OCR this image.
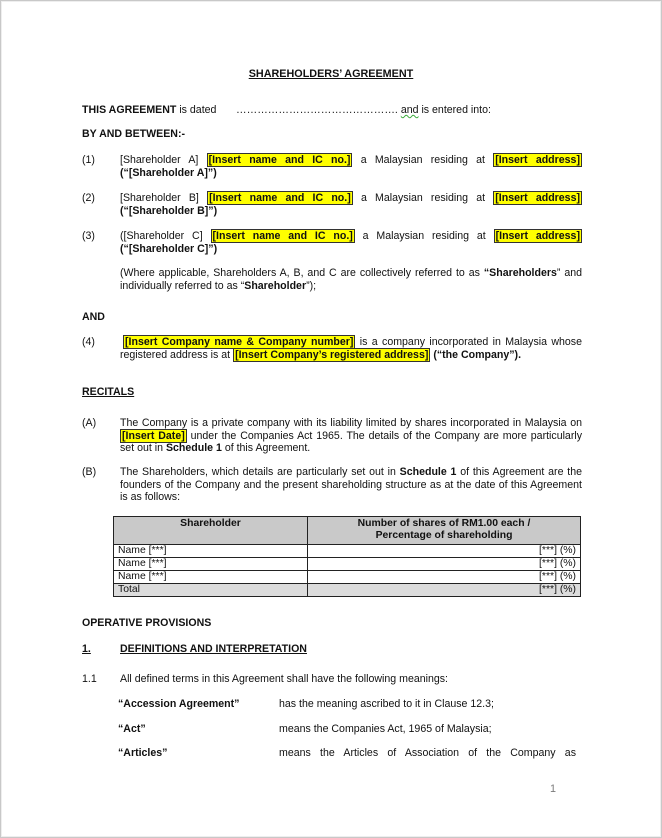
SHAREHOLDERS’ AGREEMENT
THIS AGREEMENT is dated ………………………………………. and is entered into:
BY AND BETWEEN:-
(1) [Shareholder A] [Insert name and IC no.] a Malaysian residing at [Insert address]
(“[Shareholder A]”)
(2) [Shareholder B] [Insert name and IC no.] a Malaysian residing at [Insert address]
(“[Shareholder B]”)
(3) ([Shareholder C] [Insert name and IC no.] a Malaysian residing at [Insert address]
(“[Shareholder C]”)
(Where applicable, Shareholders A, B, and C are collectively referred to as “Shareholders” and
individually referred to as “Shareholder”);
AND
(4)	[Insert Company name & Company number] is a company incorporated in Malaysia whose
registered address is at [Insert Company’s registered address] (“the Company”).
RECITALS
(A) The Company is a private company with its liability limited by shares incorporated in Malaysia on
[Insert Date] under the Companies Act 1965. The details of the Company are more particularly
set out in Schedule 1 of this Agreement.
(B) The Shareholders, which details are particularly set out in Schedule 1 of this Agreement are the
founders of the Company and the present shareholding structure as at the date of this Agreement
is as follows:
Shareholder	Number of shares of RM1.00 each /
Percentage of shareholding

Name [***]	[***] (%)
Name [***]	[***] (%)
Name [***]	[***] (%)
Total	[***] (%)
OPERATIVE PROVISIONS
1.	DEFINITIONS AND INTERPRETATION
1.1 All defined terms in this Agreement shall have the following meanings:
“Accession Agreement”	has the meaning ascribed to it in Clause 12.3;
“Act”	means the Companies Act, 1965 of Malaysia;
“Articles”	means the Articles of Association of the Company as
1
